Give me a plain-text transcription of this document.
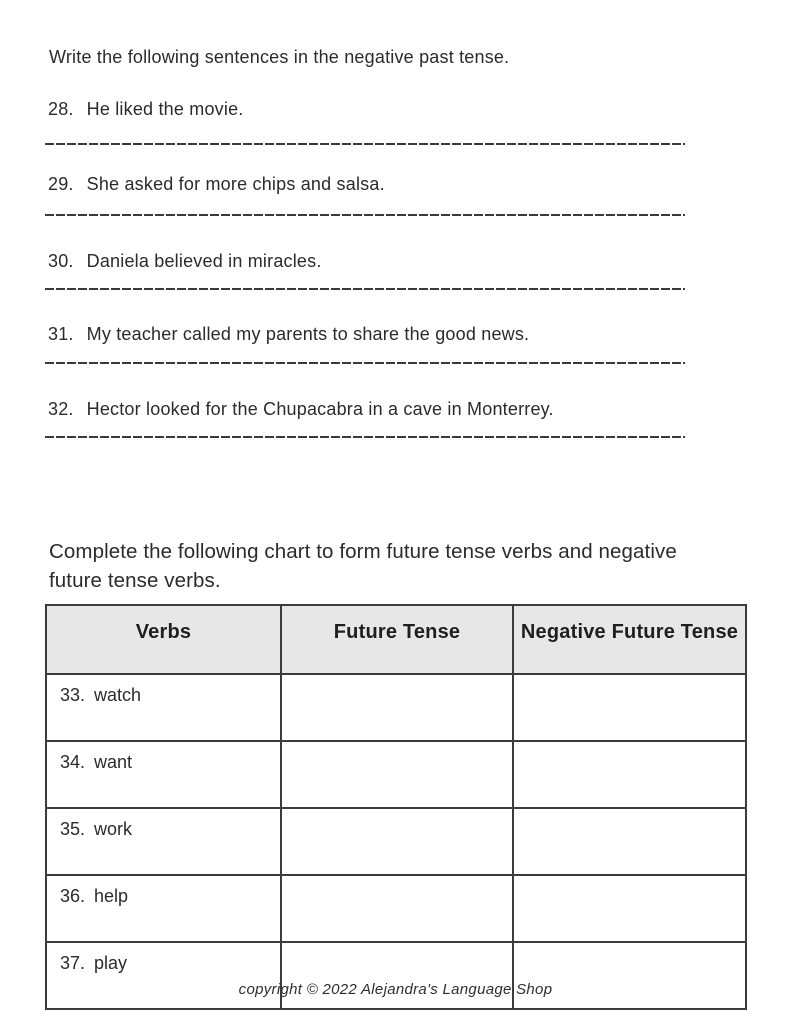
Write the following sentences in the negative past tense.

28. He liked the movie.

29. She asked for more chips and salsa.

30. Daniela believed in miracles.

31. My teacher called my parents to share the good news.

32. Hector looked for the Chupacabra in a cave in Monterrey.

Complete the following chart to form future tense verbs and negative future tense verbs.

Verbs	Future Tense	Negative Future Tense
33. watch		
34. want		
35. work		
36. help		
37. play		

copyright © 2022 Alejandra's Language Shop
